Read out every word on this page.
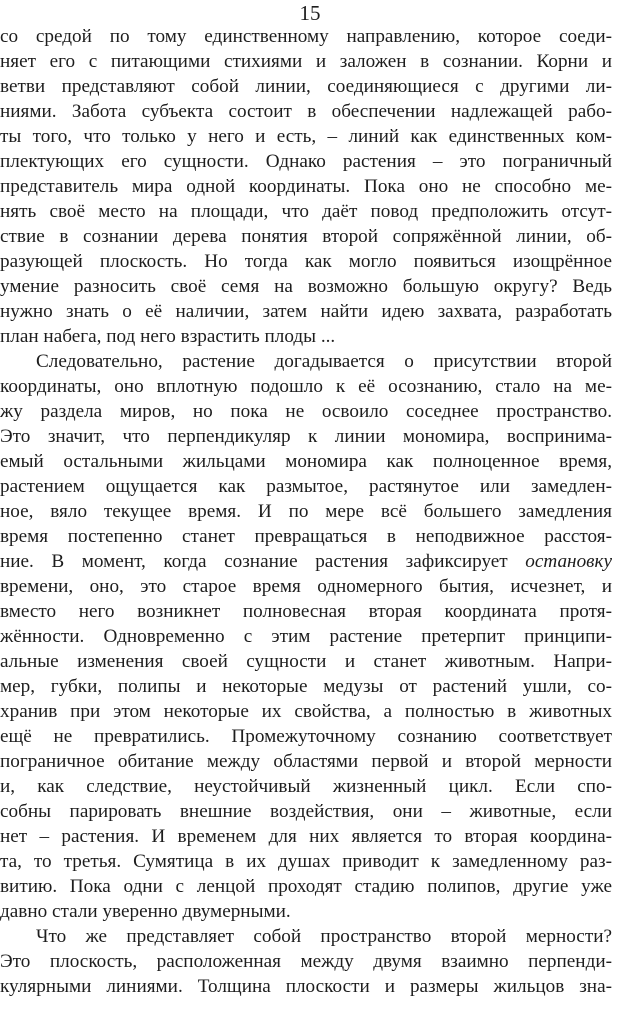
15
со средой по тому единственному направлению, которое соеди-
няет его с питающими стихиями и заложен в сознании. Корни и
ветви представляют собой линии, соединяющиеся с другими ли-
ниями. Забота субъекта состоит в обеспечении надлежащей рабо-
ты того, что только у него и есть, – линий как единственных ком-
плектующих его сущности. Однако растения – это пограничный
представитель мира одной координаты. Пока оно не способно ме-
нять своё место на площади, что даёт повод предположить отсут-
ствие в сознании дерева понятия второй сопряжённой линии, об-
разующей плоскость. Но тогда как могло появиться изощрённое
умение разносить своё семя на возможно большую округу? Ведь
нужно знать о её наличии, затем найти идею захвата, разработать
план набега, под него взрастить плоды ...
Следовательно, растение догадывается о присутствии второй
координаты, оно вплотную подошло к её осознанию, стало на ме-
жу раздела миров, но пока не освоило соседнее пространство.
Это значит, что перпендикуляр к линии мономира, воспринима-
емый остальными жильцами мономира как полноценное время,
растением ощущается как размытое, растянутое или замедлен-
ное, вяло текущее время. И по мере всё большего замедления
время постепенно станет превращаться в неподвижное расстоя-
ние. В момент, когда сознание растения зафиксирует остановку
времени, оно, это старое время одномерного бытия, исчезнет, и
вместо него возникнет полновесная вторая координата протя-
жённости. Одновременно с этим растение претерпит принципи-
альные изменения своей сущности и станет животным. Напри-
мер, губки, полипы и некоторые медузы от растений ушли, со-
хранив при этом некоторые их свойства, а полностью в животных
ещё не превратились. Промежуточному сознанию соответствует
пограничное обитание между областями первой и второй мерности
и, как следствие, неустойчивый жизненный цикл. Если спо-
собны парировать внешние воздействия, они – животные, если
нет – растения. И временем для них является то вторая координа-
та, то третья. Сумятица в их душах приводит к замедленному раз-
витию. Пока одни с ленцой проходят стадию полипов, другие уже
давно стали уверенно двумерными.
Что же представляет собой пространство второй мерности?
Это плоскость, расположенная между двумя взаимно перпенди-
кулярными линиями. Толщина плоскости и размеры жильцов зна-
